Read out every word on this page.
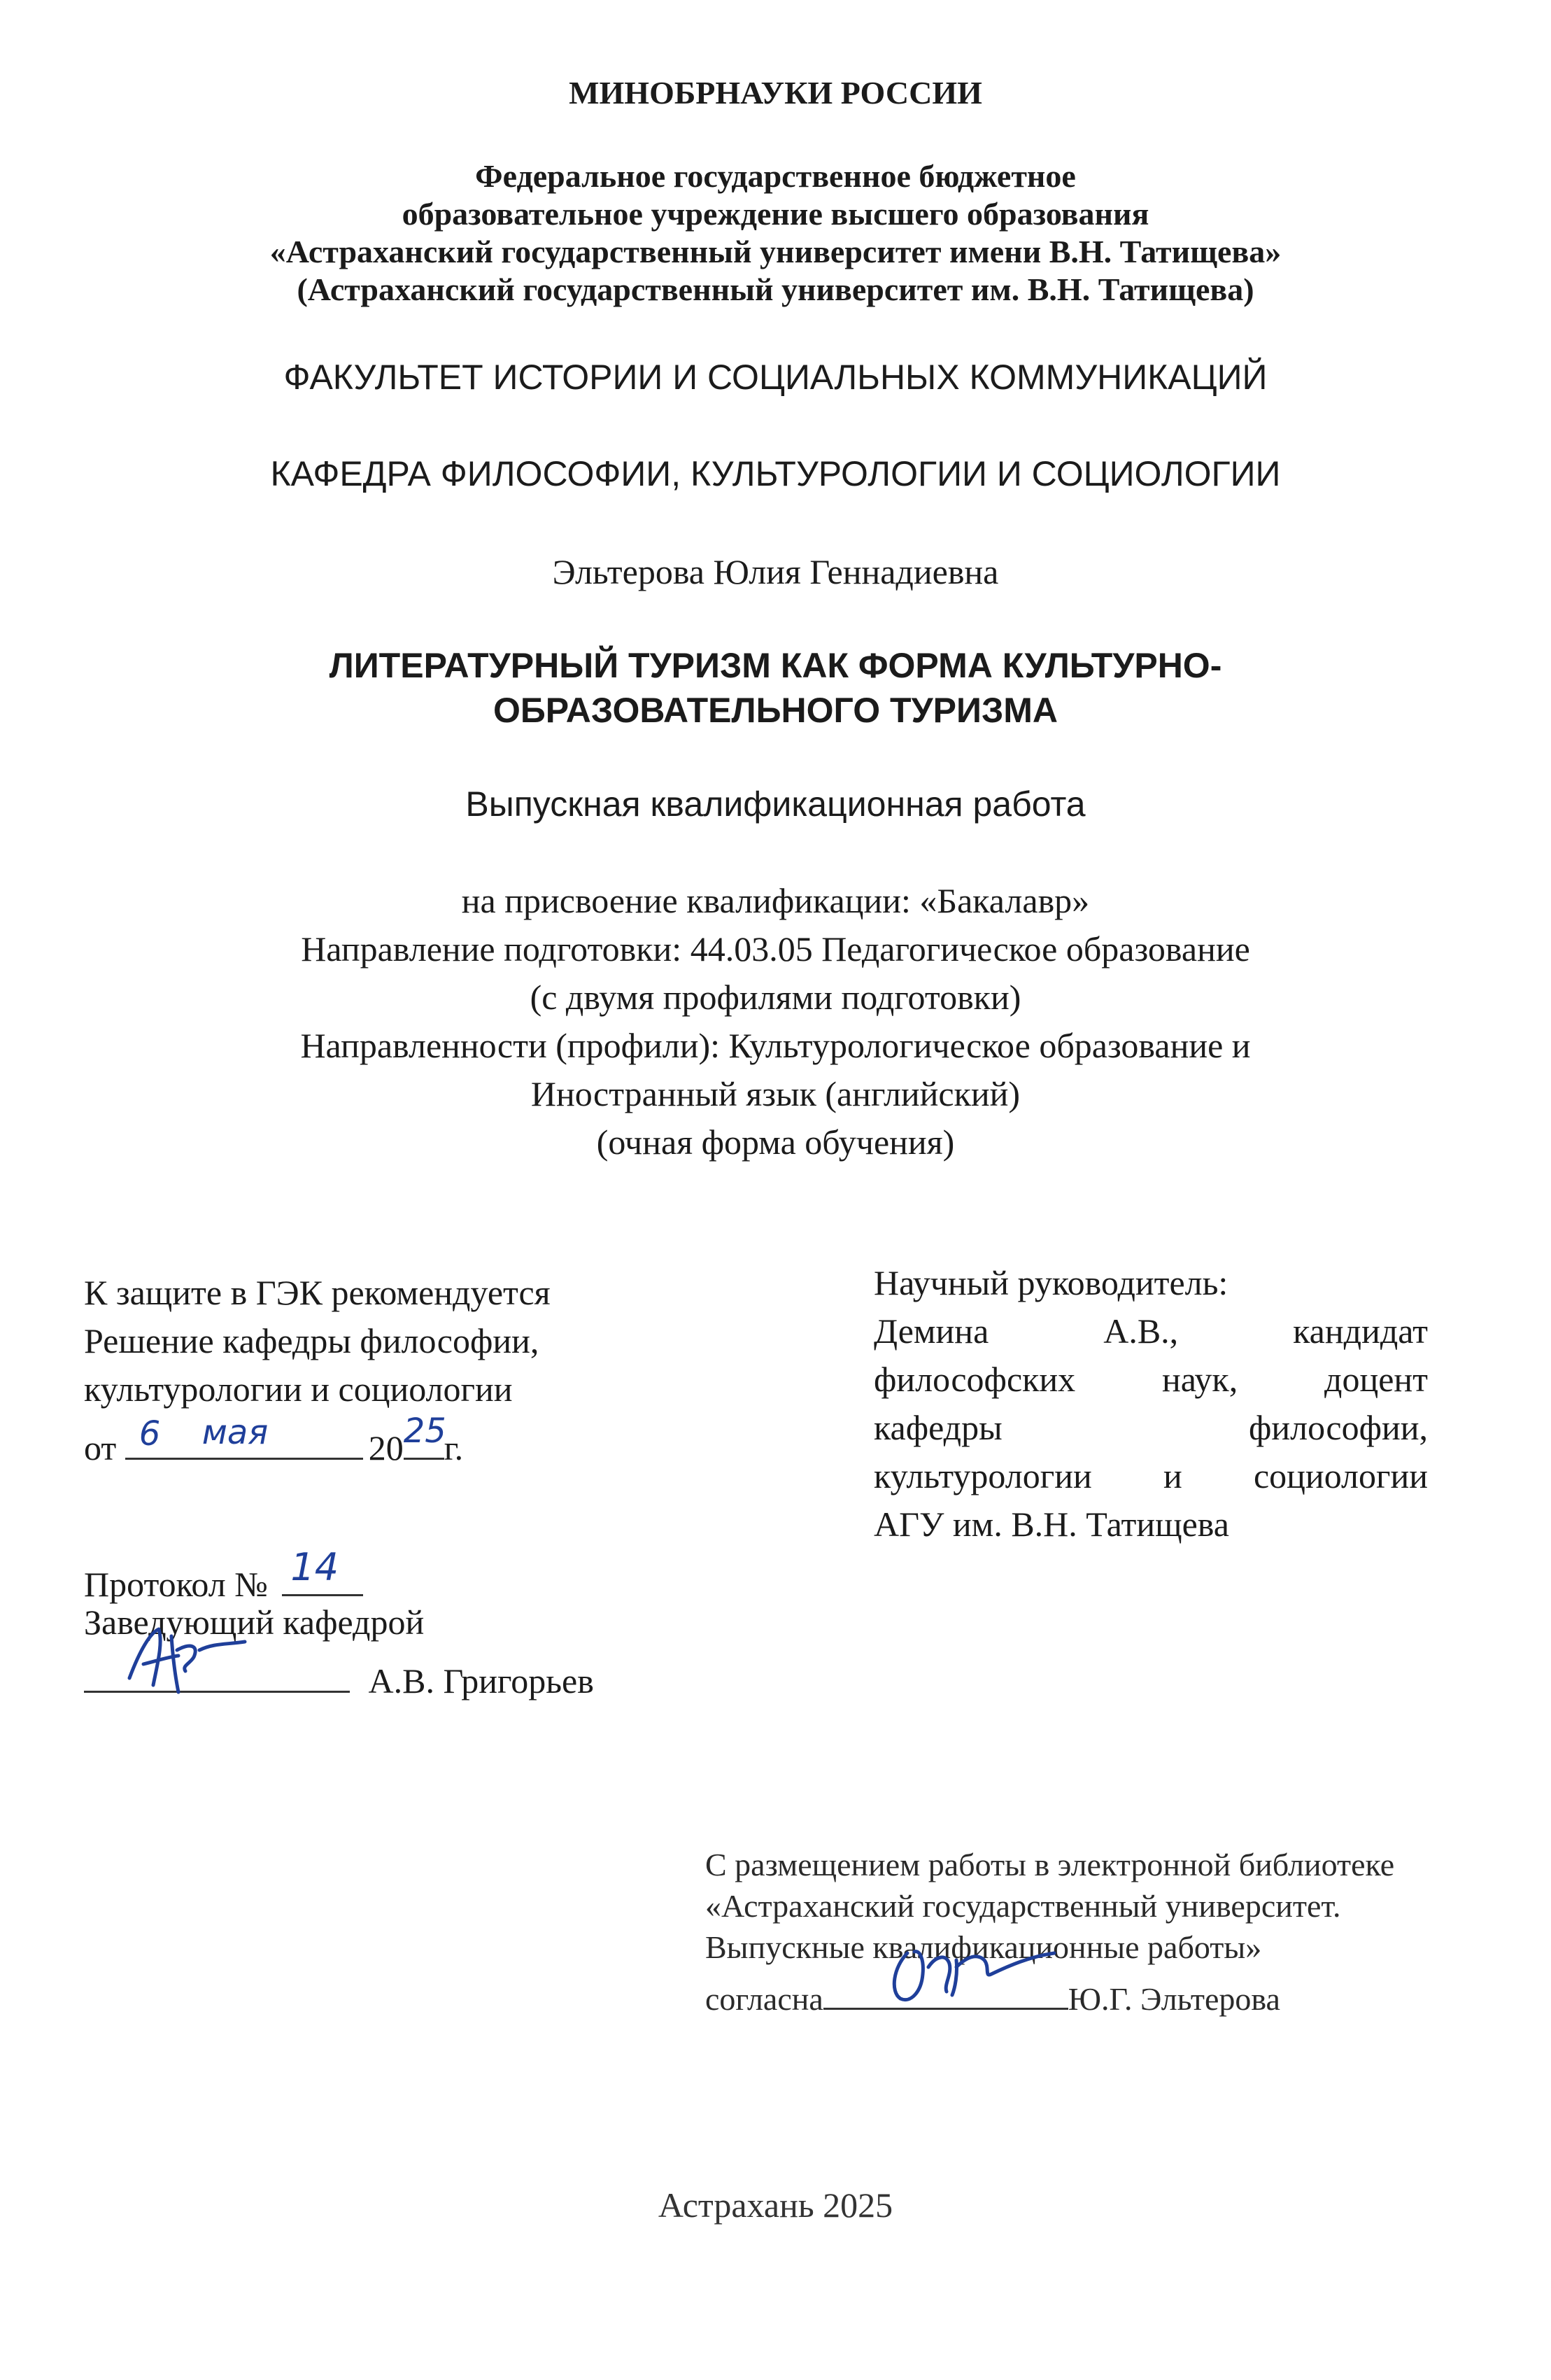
МИНОБРНАУКИ РОССИИ
Федеральное государственное бюджетное
образовательное учреждение высшего образования
«Астраханский государственный университет имени В.Н. Татищева»
(Астраханский государственный университет им. В.Н. Татищева)
ФАКУЛЬТЕТ ИСТОРИИ И СОЦИАЛЬНЫХ КОММУНИКАЦИЙ
КАФЕДРА ФИЛОСОФИИ, КУЛЬТУРОЛОГИИ И СОЦИОЛОГИИ
Эльтерова Юлия Геннадиевна
ЛИТЕРАТУРНЫЙ ТУРИЗМ КАК ФОРМА КУЛЬТУРНО-
ОБРАЗОВАТЕЛЬНОГО ТУРИЗМА
Выпускная квалификационная работа
на присвоение квалификации: «Бакалавр»
Направление подготовки: 44.03.05 Педагогическое образование
(с двумя профилями подготовки)
Направленности (профили): Культурологическое образование и
Иностранный язык (английский)
(очная форма обучения)
К защите в ГЭК рекомендуется
Решение кафедры философии,
культурологии и социологии
от 6 мая	20 25
г.
Протокол № 14
Заведующий кафедрой
А.В. Григорьев
Научный руководитель:
Демина	А.В.,	кандидат
философских наук, доцент
кафедры	философии,
культурологии и социологии
АГУ им. В.Н. Татищева
С размещением работы в электронной библиотеке
«Астраханский государственный университет.
Выпускные квалификационные работы»
согласна	Ю.Г. Эльтерова
Астрахань 2025
